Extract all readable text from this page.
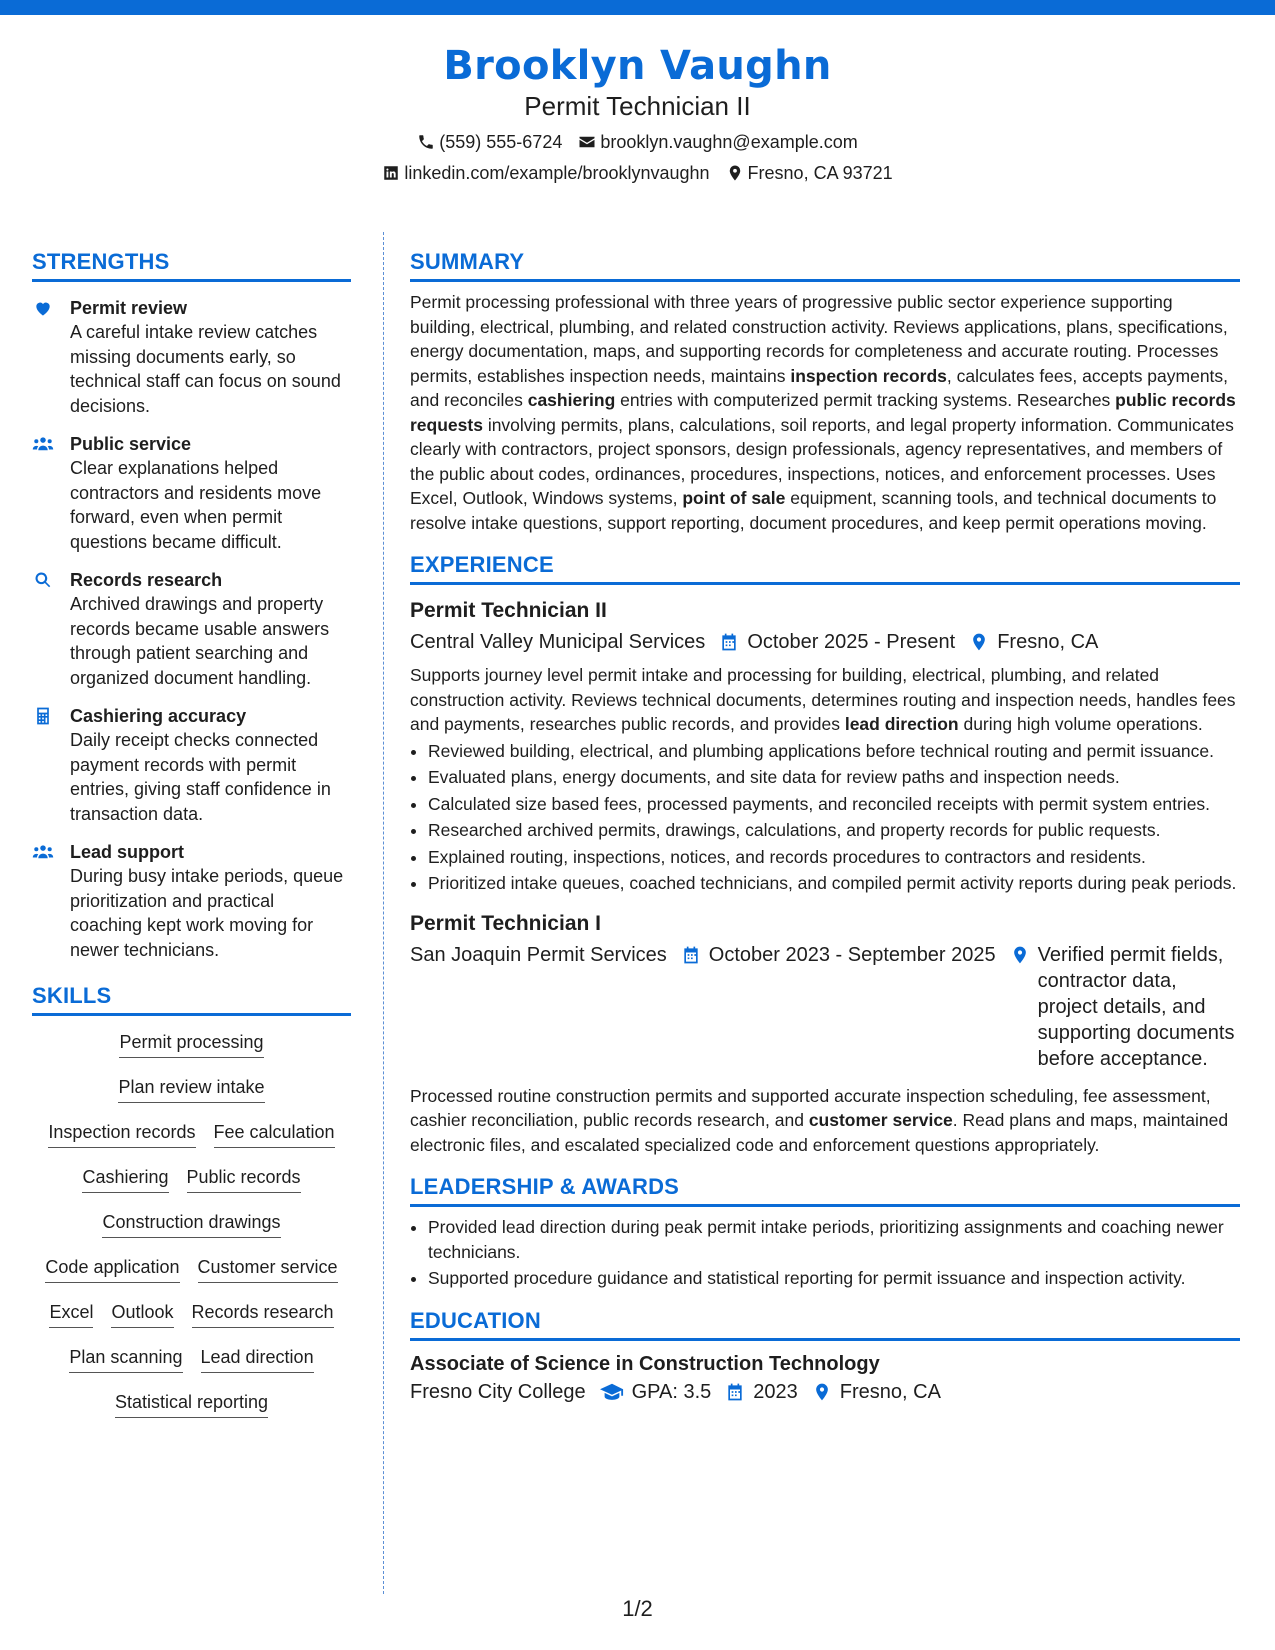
Brooklyn Vaughn
Permit Technician II
(559) 555-6724 brooklyn.vaughn@example.com
linkedin.com/example/brooklynvaughn Fresno, CA 93721
STRENGTHS
Permit review
A careful intake review catches missing documents early, so technical staff can focus on sound decisions.
Public service
Clear explanations helped contractors and residents move forward, even when permit questions became difficult.
Records research
Archived drawings and property records became usable answers through patient searching and organized document handling.
Cashiering accuracy
Daily receipt checks connected payment records with permit entries, giving staff confidence in transaction data.
Lead support
During busy intake periods, queue prioritization and practical coaching kept work moving for newer technicians.
SKILLS
Permit processing
Plan review intake
Inspection records Fee calculation
Cashiering Public records
Construction drawings
Code application Customer service
Excel Outlook Records research
Plan scanning Lead direction
Statistical reporting
SUMMARY
Permit processing professional with three years of progressive public sector experience supporting building, electrical, plumbing, and related construction activity. Reviews applications, plans, specifications, energy documentation, maps, and supporting records for completeness and accurate routing. Processes permits, establishes inspection needs, maintains inspection records, calculates fees, accepts payments, and reconciles cashiering entries with computerized permit tracking systems. Researches public records requests involving permits, plans, calculations, soil reports, and legal property information. Communicates clearly with contractors, project sponsors, design professionals, agency representatives, and members of the public about codes, ordinances, procedures, inspections, notices, and enforcement processes. Uses Excel, Outlook, Windows systems, point of sale equipment, scanning tools, and technical documents to resolve intake questions, support reporting, document procedures, and keep permit operations moving.
EXPERIENCE
Permit Technician II
Central Valley Municipal Services October 2025 - Present Fresno, CA
Supports journey level permit intake and processing for building, electrical, plumbing, and related construction activity. Reviews technical documents, determines routing and inspection needs, handles fees and payments, researches public records, and provides lead direction during high volume operations.
• Reviewed building, electrical, and plumbing applications before technical routing and permit issuance.
• Evaluated plans, energy documents, and site data for review paths and inspection needs.
• Calculated size based fees, processed payments, and reconciled receipts with permit system entries.
• Researched archived permits, drawings, calculations, and property records for public requests.
• Explained routing, inspections, notices, and records procedures to contractors and residents.
• Prioritized intake queues, coached technicians, and compiled permit activity reports during peak periods.
Permit Technician I
San Joaquin Permit Services October 2023 - September 2025 Verified permit fields, contractor data, project details, and supporting documents before acceptance.
Processed routine construction permits and supported accurate inspection scheduling, fee assessment, cashier reconciliation, public records research, and customer service. Read plans and maps, maintained electronic files, and escalated specialized code and enforcement questions appropriately.
LEADERSHIP & AWARDS
• Provided lead direction during peak permit intake periods, prioritizing assignments and coaching newer technicians.
• Supported procedure guidance and statistical reporting for permit issuance and inspection activity.
EDUCATION
Associate of Science in Construction Technology
Fresno City College GPA: 3.5 2023 Fresno, CA
1/2
